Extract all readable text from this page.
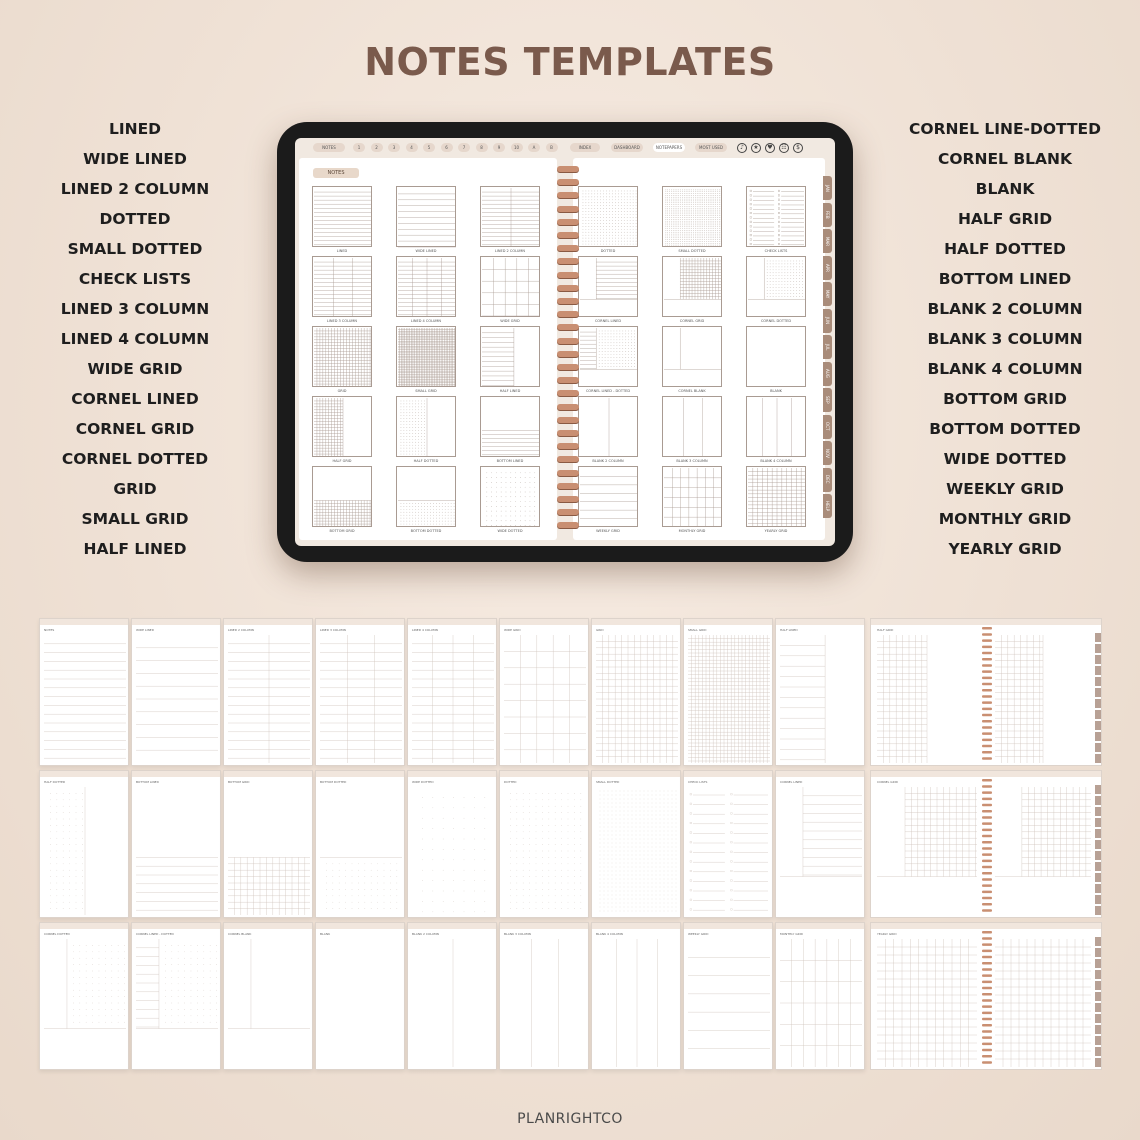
NOTES TEMPLATES
LINED
WIDE LINED
LINED 2 COLUMN
DOTTED
SMALL DOTTED
CHECK LISTS
LINED 3 COLUMN
LINED 4 COLUMN
WIDE GRID
CORNEL LINED
CORNEL GRID
CORNEL DOTTED
GRID
SMALL GRID
HALF LINED
CORNEL LINE-DOTTED
CORNEL BLANK
BLANK
HALF GRID
HALF DOTTED
BOTTOM LINED
BLANK 2 COLUMN
BLANK 3 COLUMN
BLANK 4 COLUMN
BOTTOM GRID
BOTTOM DOTTED
WIDE DOTTED
WEEKLY GRID
MONTHLY GRID
YEARLY GRID
NOTES	1	2	3	4	5	6	7	8	9	10	A	B	INDEX	DASHBOARD	NOTEPAPERS	MOST USED	♪	★	♥	☷	$
NOTES
LINED	WIDE LINED	LINED 2 COLUMN
LINED 3 COLUMN	LINED 4 COLUMN	WIDE GRID
GRID	SMALL GRID	HALF LINED
HALF GRID	HALF DOTTED	BOTTOM LINED
BOTTOM GRID	BOTTOM DOTTED	WIDE DOTTED
DOTTED	SMALL DOTTED	CHECK LISTS
CORNEL LINED	CORNEL GRID	CORNEL DOTTED
CORNEL LINED - DOTTED	CORNEL BLANK	BLANK
BLANK 2 COLUMN	BLANK 3 COLUMN	BLANK 4 COLUMN
WEEKLY GRID	MONTHLY GRID	YEARLY GRID
JAN
FEB
MAR
APR
MAY
JUN
JUL
AUG
SEP
OCT
NOV
DEC
HELP
NOTES	WIDE LINED	LINED 2 COLUMN	LINED 3 COLUMN	LINED 4 COLUMN	WIDE GRID	GRID	SMALL GRID	HALF LINED	HALF GRID
HALF DOTTED	BOTTOM LINED	BOTTOM GRID	BOTTOM DOTTED	WIDE DOTTED	DOTTED	SMALL DOTTED	CHECK LISTS	CORNEL LINED	CORNEL GRID
CORNEL DOTTED	CORNEL LINED - DOTTED	CORNEL BLANK	BLANK	BLANK 2 COLUMN	BLANK 3 COLUMN	BLANK 4 COLUMN	WEEKLY GRID	MONTHLY GRID	YEARLY GRID
PLANRIGHTCO
